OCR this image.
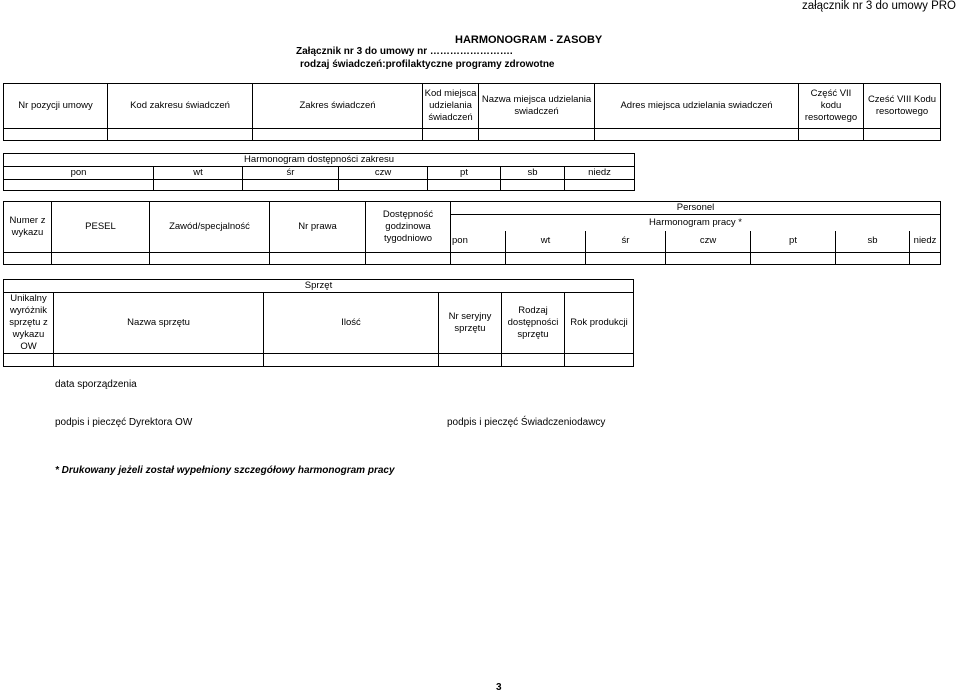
załącznik nr 3 do umowy PRO
HARMONOGRAM - ZASOBY
Załącznik nr 3 do umowy nr …………………….
rodzaj świadczeń:profilaktyczne programy zdrowotne
Nr pozycji umowy	Kod zakresu świadczeń	Zakres świadczeń	Kod miejsca udzielania świadczeń	Nazwa miejsca udzielania swiadczeń	Adres miejsca udzielania swiadczeń	Część VII kodu resortowego	Cześć VIII Kodu resortowego

Harmonogram dostępności zakresu						
pon	wt	śr	czw	pt	sb	niedz

Numer z wykazu	PESEL	Zawód/specjalność	Nr prawa	Dostępność godzinowa tygodniowo	Personel						
					Harmonogram pracy *						
					pon	wt	śr	czw	pt	sb	niedz

Sprzęt					
Unikalny wyróżnik sprzętu z wykazu OW	Nazwa sprzętu	Ilość	Nr seryjny sprzętu	Rodzaj dostępności sprzętu	Rok produkcji

data sporządzenia
podpis i pieczęć Dyrektora OW	podpis i pieczęć Świadczeniodawcy
* Drukowany jeżeli został wypełniony szczegółowy harmonogram pracy
3
